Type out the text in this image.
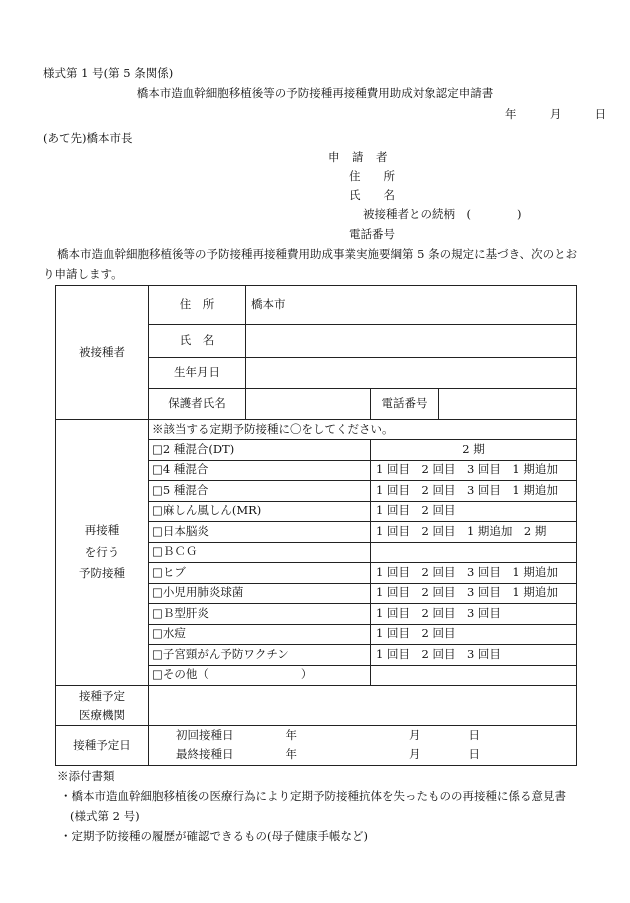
様式第 1 号(第 5 条関係)
橋本市造血幹細胞移植後等の予防接種再接種費用助成対象認定申請書
年	月	日
(あて先)橋本市長
申　請　者
住　　所
氏　　名
被接種者との続柄　(　　　　)
電話番号
橋本市造血幹細胞移植後等の予防接種再接種費用助成事業実施要綱第 5 条の規定に基づき、次のとお
り申請します。
被接種者	住　所	橋本市			
	氏　名				
	生年月日				
	保護者氏名			電話番号	
再接種
を行う
予防接種	※該当する定期予防接種に〇をしてください。				
	□2 種混合(DT)			2 期	
	□4 種混合			1 回目　2 回目　3 回目　1 期追加	
	□5 種混合			1 回目　2 回目　3 回目　1 期追加	
	□麻しん風しん(MR)			1 回目　2 回目	
	□日本脳炎			1 回目　2 回目　1 期追加　2 期	
	□ＢＣＧ				
	□ヒブ			1 回目　2 回目　3 回目　1 期追加	
	□小児用肺炎球菌			1 回目　2 回目　3 回目　1 期追加	
	□Ｂ型肝炎			1 回目　2 回目　3 回目	
	□水痘			1 回目　2 回目	
	□子宮頸がん予防ワクチン			1 回目　2 回目　3 回目	
	□その他（　　　　　　　　）				
接種予定
医療機関					
接種予定日	初回接種日	年	月		日
	最終接種日	年	月		日
※添付書類
・橋本市造血幹細胞移植後の医療行為により定期予防接種抗体を失ったものの再接種に係る意見書
(様式第 2 号)
・定期予防接種の履歴が確認できるもの(母子健康手帳など)
